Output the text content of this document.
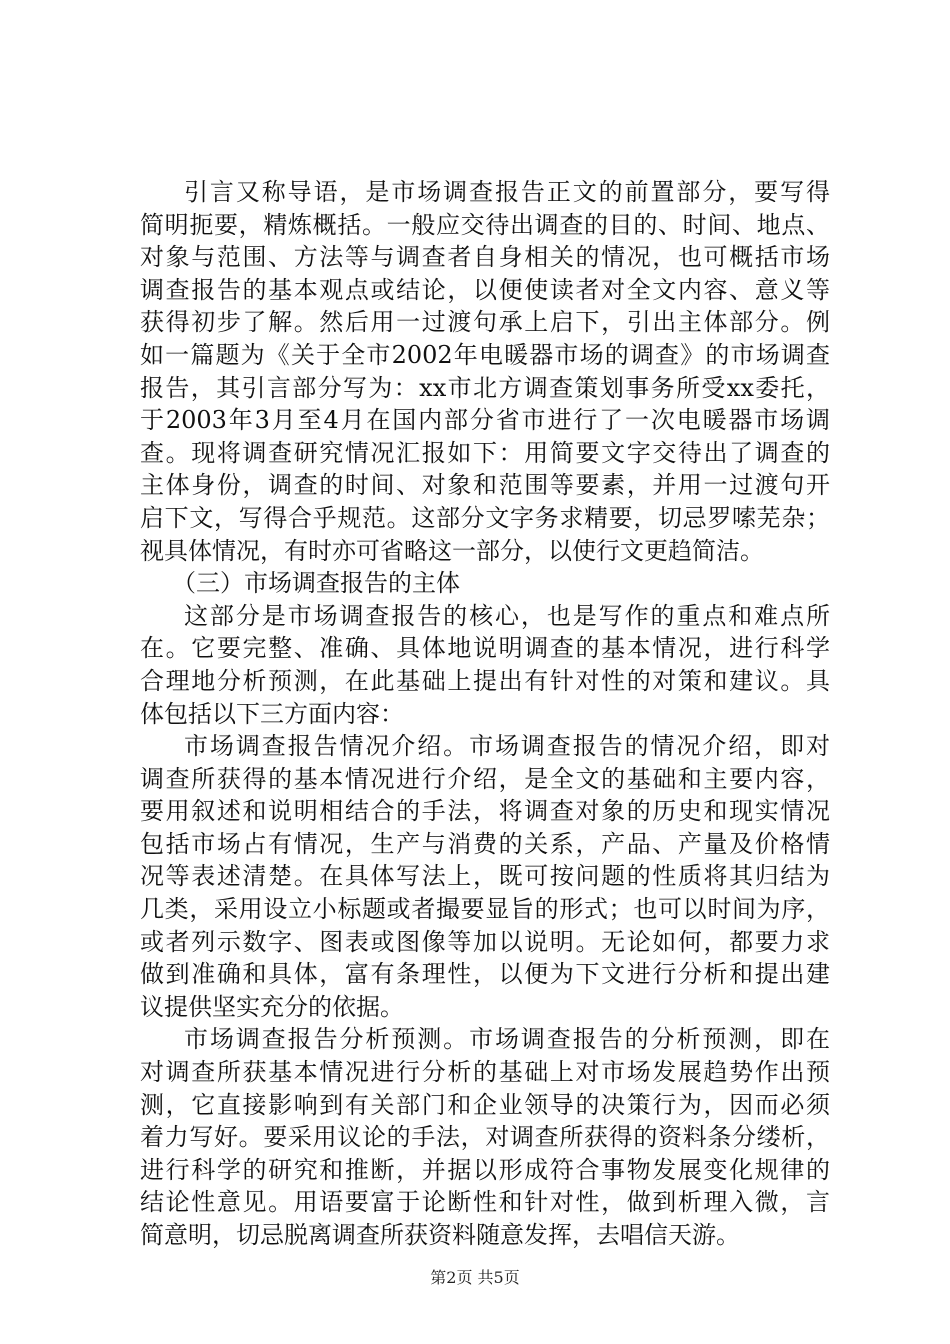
引言又称导语，是市场调查报告正文的前置部分，要写得
简明扼要，精炼概括。一般应交待出调查的目的、时间、地点、
对象与范围、方法等与调查者自身相关的情况，也可概括市场
调查报告的基本观点或结论，以便使读者对全文内容、意义等
获得初步了解。然后用一过渡句承上启下，引出主体部分。例
如一篇题为《关于全市2002年电暖器市场的调查》的市场调查
报告，其引言部分写为：xx市北方调查策划事务所受xx委托，
于2003年3月至4月在国内部分省市进行了一次电暖器市场调
查。现将调查研究情况汇报如下：用简要文字交待出了调查的
主体身份，调查的时间、对象和范围等要素，并用一过渡句开
启下文，写得合乎规范。这部分文字务求精要，切忌罗嗦芜杂；
视具体情况，有时亦可省略这一部分，以使行文更趋简洁。
（三）市场调查报告的主体
这部分是市场调查报告的核心，也是写作的重点和难点所
在。它要完整、准确、具体地说明调查的基本情况，进行科学
合理地分析预测，在此基础上提出有针对性的对策和建议。具
体包括以下三方面内容：
市场调查报告情况介绍。市场调查报告的情况介绍，即对
调查所获得的基本情况进行介绍，是全文的基础和主要内容，
要用叙述和说明相结合的手法，将调查对象的历史和现实情况
包括市场占有情况，生产与消费的关系，产品、产量及价格情
况等表述清楚。在具体写法上，既可按问题的性质将其归结为
几类，采用设立小标题或者撮要显旨的形式；也可以时间为序，
或者列示数字、图表或图像等加以说明。无论如何，都要力求
做到准确和具体，富有条理性，以便为下文进行分析和提出建
议提供坚实充分的依据。
市场调查报告分析预测。市场调查报告的分析预测，即在
对调查所获基本情况进行分析的基础上对市场发展趋势作出预
测，它直接影响到有关部门和企业领导的决策行为，因而必须
着力写好。要采用议论的手法，对调查所获得的资料条分缕析，
进行科学的研究和推断，并据以形成符合事物发展变化规律的
结论性意见。用语要富于论断性和针对性，做到析理入微，言
简意明，切忌脱离调查所获资料随意发挥，去唱信天游。
第2页 共5页
